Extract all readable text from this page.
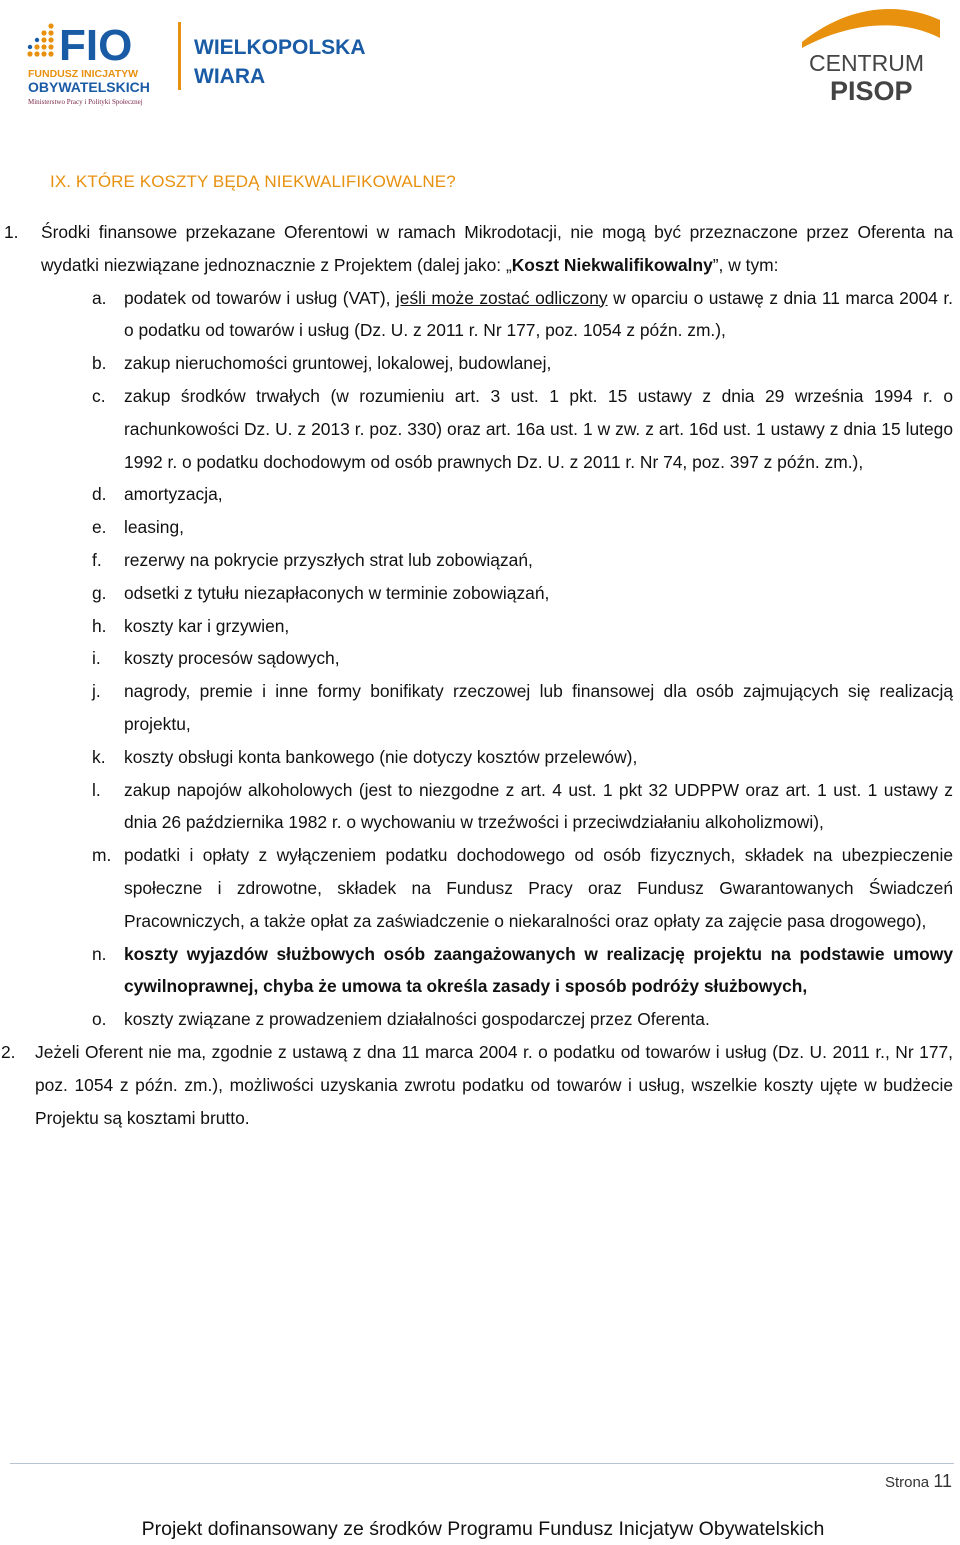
FIO
FUNDUSZ INICJATYW
OBYWATELSKICH
Ministerstwo Pracy i Polityki Społecznej
WIELKOPOLSKA
WIARA
CENTRUM
PISOP
IX. KTÓRE KOSZTY BĘDĄ NIEKWALIFIKOWALNE?
1. Środki finansowe przekazane Oferentowi w ramach Mikrodotacji, nie mogą być przeznaczone przez Oferenta na wydatki niezwiązane jednoznacznie z Projektem (dalej jako: „Koszt Niekwalifikowalny”, w tym:
a. podatek od towarów i usług (VAT), jeśli może zostać odliczony w oparciu o ustawę z dnia 11 marca 2004 r. o podatku od towarów i usług (Dz. U. z 2011 r. Nr 177, poz. 1054 z późn. zm.),
b. zakup nieruchomości gruntowej, lokalowej, budowlanej,
c. zakup środków trwałych (w rozumieniu art. 3 ust. 1 pkt. 15 ustawy z dnia 29 września 1994 r. o rachunkowości Dz. U. z 2013 r. poz. 330) oraz art. 16a ust. 1 w zw. z art. 16d ust. 1 ustawy z dnia 15 lutego 1992 r. o podatku dochodowym od osób prawnych Dz. U. z 2011 r. Nr 74, poz. 397 z późn. zm.),
d. amortyzacja,
e. leasing,
f. rezerwy na pokrycie przyszłych strat lub zobowiązań,
g. odsetki z tytułu niezapłaconych w terminie zobowiązań,
h. koszty kar i grzywien,
i. koszty procesów sądowych,
j. nagrody, premie i inne formy bonifikaty rzeczowej lub finansowej dla osób zajmujących się realizacją projektu,
k. koszty obsługi konta bankowego (nie dotyczy kosztów przelewów),
l. zakup napojów alkoholowych (jest to niezgodne z art. 4 ust. 1 pkt 32 UDPPW oraz art. 1 ust. 1 ustawy z dnia 26 października 1982 r. o wychowaniu w trzeźwości i przeciwdziałaniu alkoholizmowi),
m. podatki i opłaty z wyłączeniem podatku dochodowego od osób fizycznych, składek na ubezpieczenie społeczne i zdrowotne, składek na Fundusz Pracy oraz Fundusz Gwarantowanych Świadczeń Pracowniczych, a także opłat za zaświadczenie o niekaralności oraz opłaty za zajęcie pasa drogowego),
n. koszty wyjazdów służbowych osób zaangażowanych w realizację projektu na podstawie umowy cywilnoprawnej, chyba że umowa ta określa zasady i sposób podróży służbowych,
o. koszty związane z prowadzeniem działalności gospodarczej przez Oferenta.
2. Jeżeli Oferent nie ma, zgodnie z ustawą z dna 11 marca 2004 r. o podatku od towarów i usług (Dz. U. 2011 r., Nr 177, poz. 1054 z późn. zm.), możliwości uzyskania zwrotu podatku od towarów i usług, wszelkie koszty ujęte w budżecie Projektu są kosztami brutto.
Strona 11
Projekt dofinansowany ze środków Programu Fundusz Inicjatyw Obywatelskich
